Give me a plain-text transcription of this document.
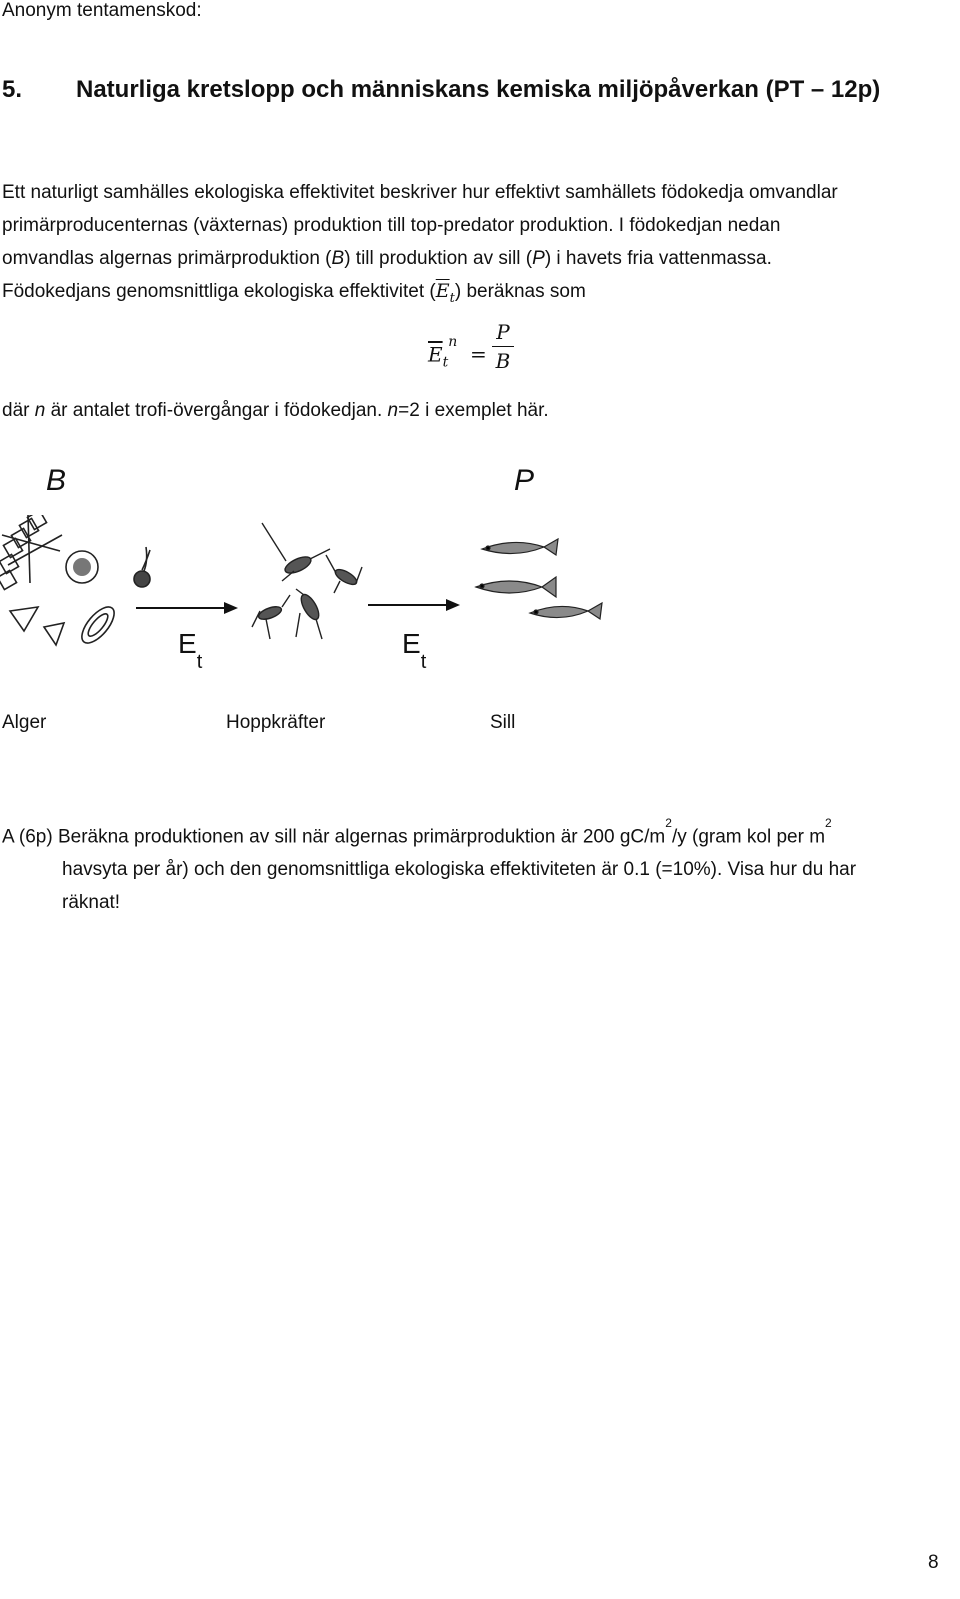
Anonym tentamenskod:
5. Naturliga kretslopp och människans kemiska miljöpåverkan (PT – 12p)
Ett naturligt samhälles ekologiska effektivitet beskriver hur effektivt samhällets födokedja omvandlar
primärproducenternas (växternas) produktion till top-predator produktion. I födokedjan nedan
omvandlas algernas primärproduktion (B) till produktion av sill (P) i havets fria vattenmassa.
Födokedjans genomsnittliga ekologiska effektivitet $(\overline{E}_t)$ beräknas som
$\overline{E}_t^n$ =
P
B
där n är antalet trofi-övergångar i födokedjan. n=2 i exemplet här.
B	P
$E_t$
$E_t$
Alger	Hoppkräfter	Sill
A (6p) Beräkna produktionen av sill när algernas primärproduktion är 200 $gC/m^2/y$ (gram kol per $m^2$
havsyta per år) och den genomsnittliga ekologiska effektiviteten är 0.1 (=10%). Visa hur du har
räknat!
8
